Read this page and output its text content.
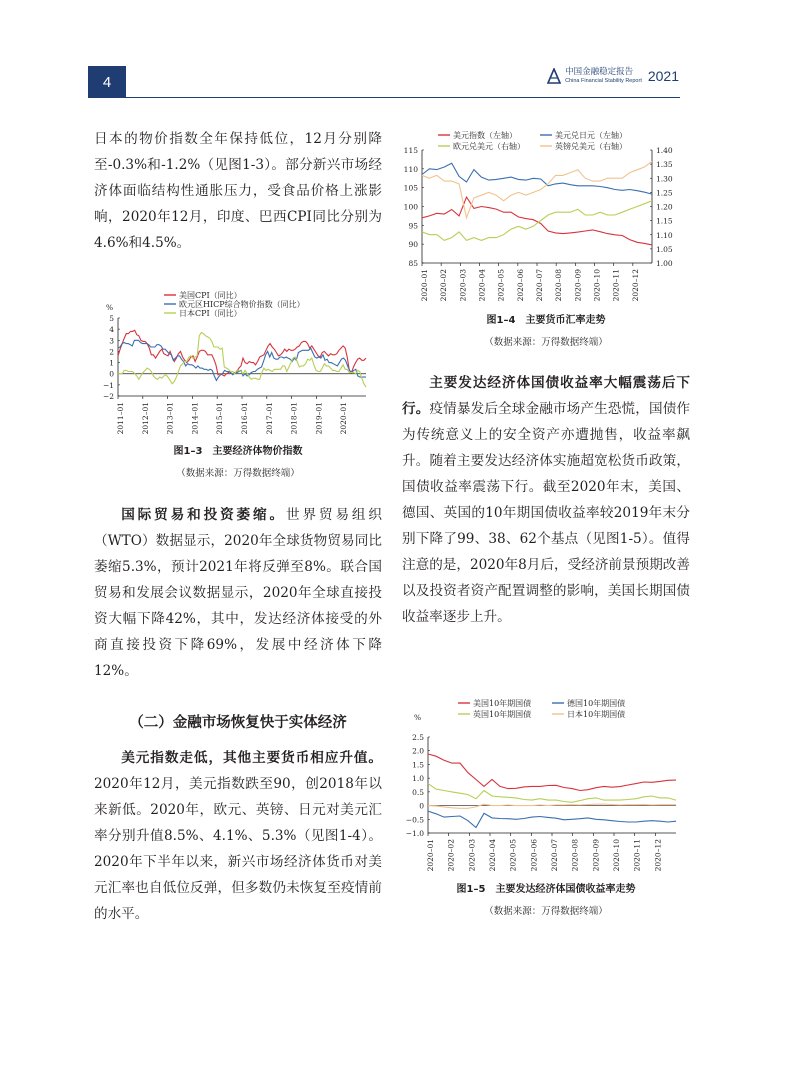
4
中国金融稳定报告
China Financial Stability Report 2021

日本的物价指数全年保持低位，12月分别降至-0.3%和-1.2%（见图1-3）。部分新兴市场经济体面临结构性通胀压力，受食品价格上涨影响，2020年12月，印度、巴西CPI同比分别为4.6%和4.5%。

美国CPI（同比）
欧元区HICP综合物价指数（同比）
日本CPI（同比）
%
5
4
3
2
1
0
−1
−2
2011–01 2012–01 2013–01 2014–01 2015–01 2016–01 2017–01 2018–01 2019–01 2020–01
图1–3　主要经济体物价指数
（数据来源：万得数据终端）

国际贸易和投资萎缩。世界贸易组织（WTO）数据显示，2020年全球货物贸易同比萎缩5.3%，预计2021年将反弹至8%。联合国贸易和发展会议数据显示，2020年全球直接投资大幅下降42%，其中，发达经济体接受的外商直接投资下降69%，发展中经济体下降12%。

（二）金融市场恢复快于实体经济

美元指数走低，其他主要货币相应升值。2020年12月，美元指数跌至90，创2018年以来新低。2020年，欧元、英镑、日元对美元汇率分别升值8.5%、4.1%、5.3%（见图1-4）。2020年下半年以来，新兴市场经济体货币对美元汇率也自低位反弹，但多数仍未恢复至疫情前的水平。

美元指数（左轴）	美元兑日元（左轴）
欧元兑美元（右轴）	英镑兑美元（右轴）
115
110
105
100
95
90
85
1.40
1.35
1.30
1.25
1.20
1.15
1.10
1.05
1.00
2020–01 2020–02 2020–03 2020–04 2020–05 2020–06 2020–07 2020–08 2020–09 2020–10 2020–11 2020–12
图1–4　主要货币汇率走势
（数据来源：万得数据终端）

主要发达经济体国债收益率大幅震荡后下行。疫情暴发后全球金融市场产生恐慌，国债作为传统意义上的安全资产亦遭抛售，收益率飙升。随着主要发达经济体实施超宽松货币政策，国债收益率震荡下行。截至2020年末，美国、德国、英国的10年期国债收益率较2019年末分别下降了99、38、62个基点（见图1-5）。值得注意的是，2020年8月后，受经济前景预期改善以及投资者资产配置调整的影响，美国长期国债收益率逐步上升。

美国10年期国债	德国10年期国债
英国10年期国债	日本10年期国债
%
2.5
2.0
1.5
1.0
0.5
0
−0.5
−1.0
2020–01 2020–02 2020–03 2020–04 2020–05 2020–06 2020–07 2020–08 2020–09 2020–10 2020–11 2020–12
图1–5　主要发达经济体国债收益率走势
（数据来源：万得数据终端）
